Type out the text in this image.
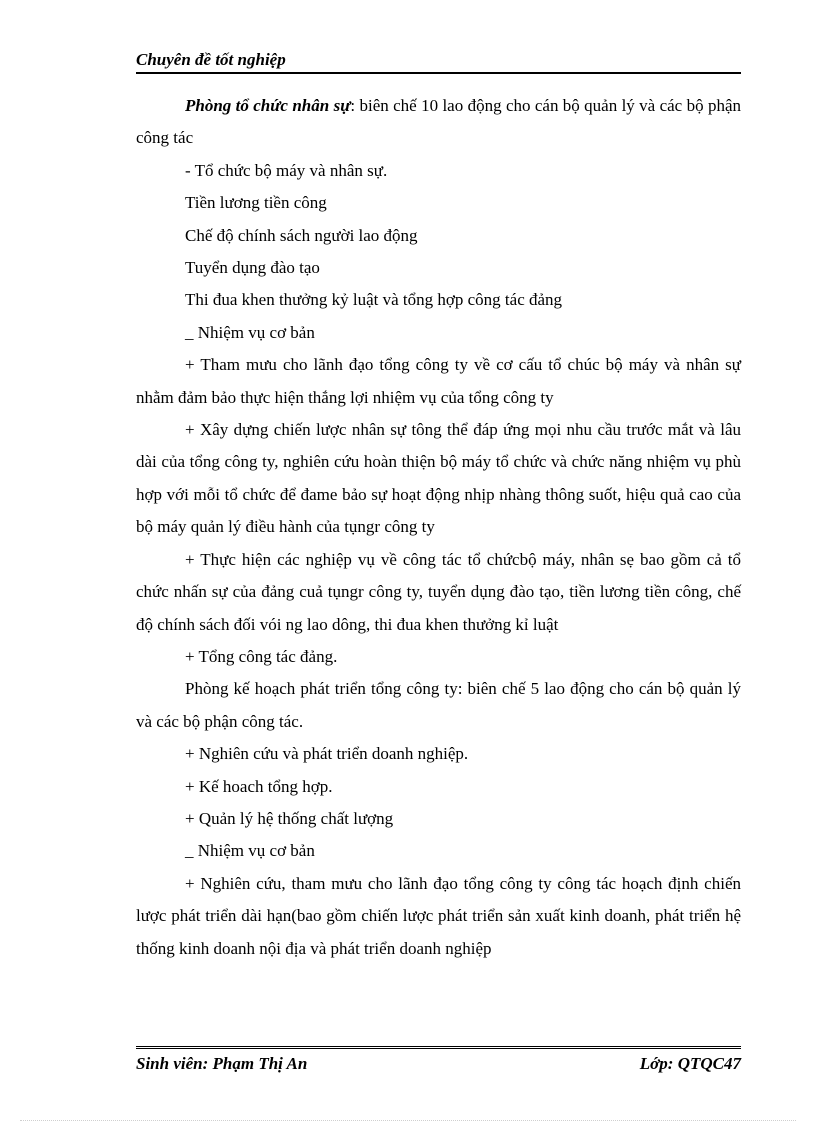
Chuyên đề tốt nghiệp

Phòng tổ chức nhân sự: biên chế 10 lao động cho cán bộ quản lý và các bộ phận công tác

- Tổ chức bộ máy và nhân sự.

Tiền lương tiền công

Chế độ chính sách người lao động

Tuyển dụng đào tạo

Thi đua khen thưởng kỷ luật và tổng hợp công tác đảng

_ Nhiệm vụ cơ bản

+ Tham mưu cho lãnh đạo tổng công ty về cơ cấu tổ chúc bộ máy và nhân sự nhằm đảm bảo thực hiện thắng lợi nhiệm vụ của tổng công ty

+ Xây dựng chiến lược nhân sự tông thể đáp ứng mọi nhu cầu trước mắt và lâu dài của tổng công ty, nghiên cứu hoàn thiện bộ máy tổ chức và chức năng nhiệm vụ phù hợp với mỗi tổ chức để đame bảo sự hoạt động nhịp nhàng thông suốt, hiệu quả cao của bộ máy quản lý điều hành của tụngr công ty

+ Thực hiện các nghiệp vụ về công tác tổ chứcbộ máy, nhân sẹ bao gồm cả tổ chức nhấn sự của đảng cuả tụngr công ty, tuyển dụng đào tạo, tiền lương tiền công, chế độ chính sách đối vói ng lao dông, thi đua khen thưởng kỉ luật

+ Tổng công tác đảng.

Phòng kế hoạch phát triển tổng công ty: biên chế 5 lao động cho cán bộ quản lý và các bộ phận công tác.

+ Nghiên cứu và phát triển doanh nghiệp.

+ Kế hoach tổng hợp.

+ Quản lý hệ thống chất lượng

_ Nhiệm vụ cơ bản

+ Nghiên cứu, tham mưu cho lãnh đạo tổng công ty công tác hoạch định chiến lược phát triển dài hạn(bao gồm chiến lược phát triển sản xuất kinh doanh, phát triển hệ thống kinh doanh nội địa và phát triển doanh nghiệp

Sinh viên: Phạm Thị An	Lớp: QTQC47
